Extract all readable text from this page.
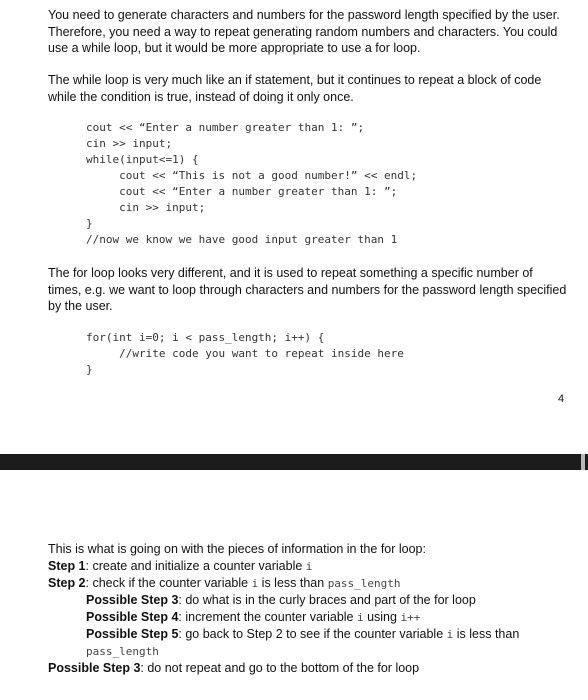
You need to generate characters and numbers for the password length specified by the user. Therefore, you need a way to repeat generating random numbers and characters. You could use a while loop, but it would be more appropriate to use a for loop.
The while loop is very much like an if statement, but it continues to repeat a block of code while the condition is true, instead of doing it only once.
cout << “Enter a number greater than 1: ”;
cin >> input;
while(input<=1) {
cout << “This is not a good number!” << endl;
cout << “Enter a number greater than 1: ”;
cin >> input;
}
//now we know we have good input greater than 1
The for loop looks very different, and it is used to repeat something a specific number of times, e.g. we want to loop through characters and numbers for the password length specified by the user.
for(int i=0; i < pass_length; i++) {
//write code you want to repeat inside here
}
4
This is what is going on with the pieces of information in the for loop:
Step 1: create and initialize a counter variable i
Step 2: check if the counter variable i is less than pass_length
Possible Step 3: do what is in the curly braces and part of the for loop
Possible Step 4: increment the counter variable i using i++
Possible Step 5: go back to Step 2 to see if the counter variable i is less than
pass_length
Possible Step 3: do not repeat and go to the bottom of the for loop
